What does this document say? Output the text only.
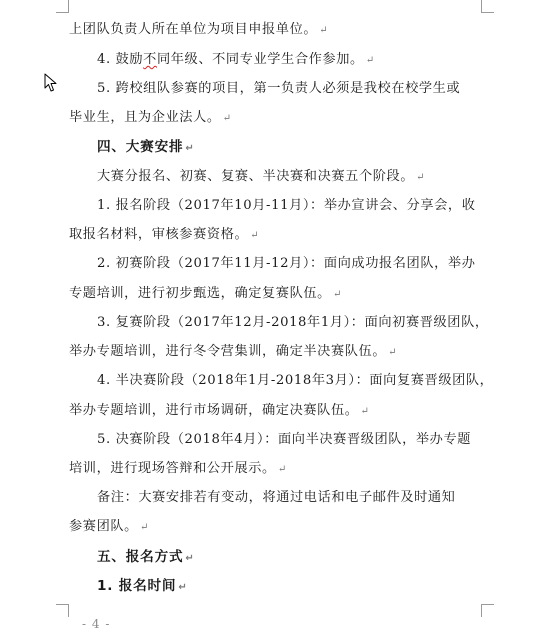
上团队负责人所在单位为项目申报单位。 ↵
4. 鼓励不同年级、不同专业学生合作参加。 ↵
5. 跨校组队参赛的项目，第一负责人必须是我校在校学生或
毕业生，且为企业法人。 ↵
四、大赛安排 ↵
大赛分报名、初赛、复赛、半决赛和决赛五个阶段。 ↵
1. 报名阶段（2017年10月-11月）：举办宣讲会、分享会，收
取报名材料，审核参赛资格。 ↵
2. 初赛阶段（2017年11月-12月）：面向成功报名团队，举办
专题培训，进行初步甄选，确定复赛队伍。 ↵
3. 复赛阶段（2017年12月-2018年1月）：面向初赛晋级团队，
举办专题培训，进行冬令营集训，确定半决赛队伍。 ↵
4. 半决赛阶段（2018年1月-2018年3月）：面向复赛晋级团队，
举办专题培训，进行市场调研，确定决赛队伍。 ↵
5. 决赛阶段（2018年4月）：面向半决赛晋级团队，举办专题
培训，进行现场答辩和公开展示。 ↵
备注：大赛安排若有变动，将通过电话和电子邮件及时通知
参赛团队。 ↵
五、报名方式 ↵
1. 报名时间 ↵
- 4 -
